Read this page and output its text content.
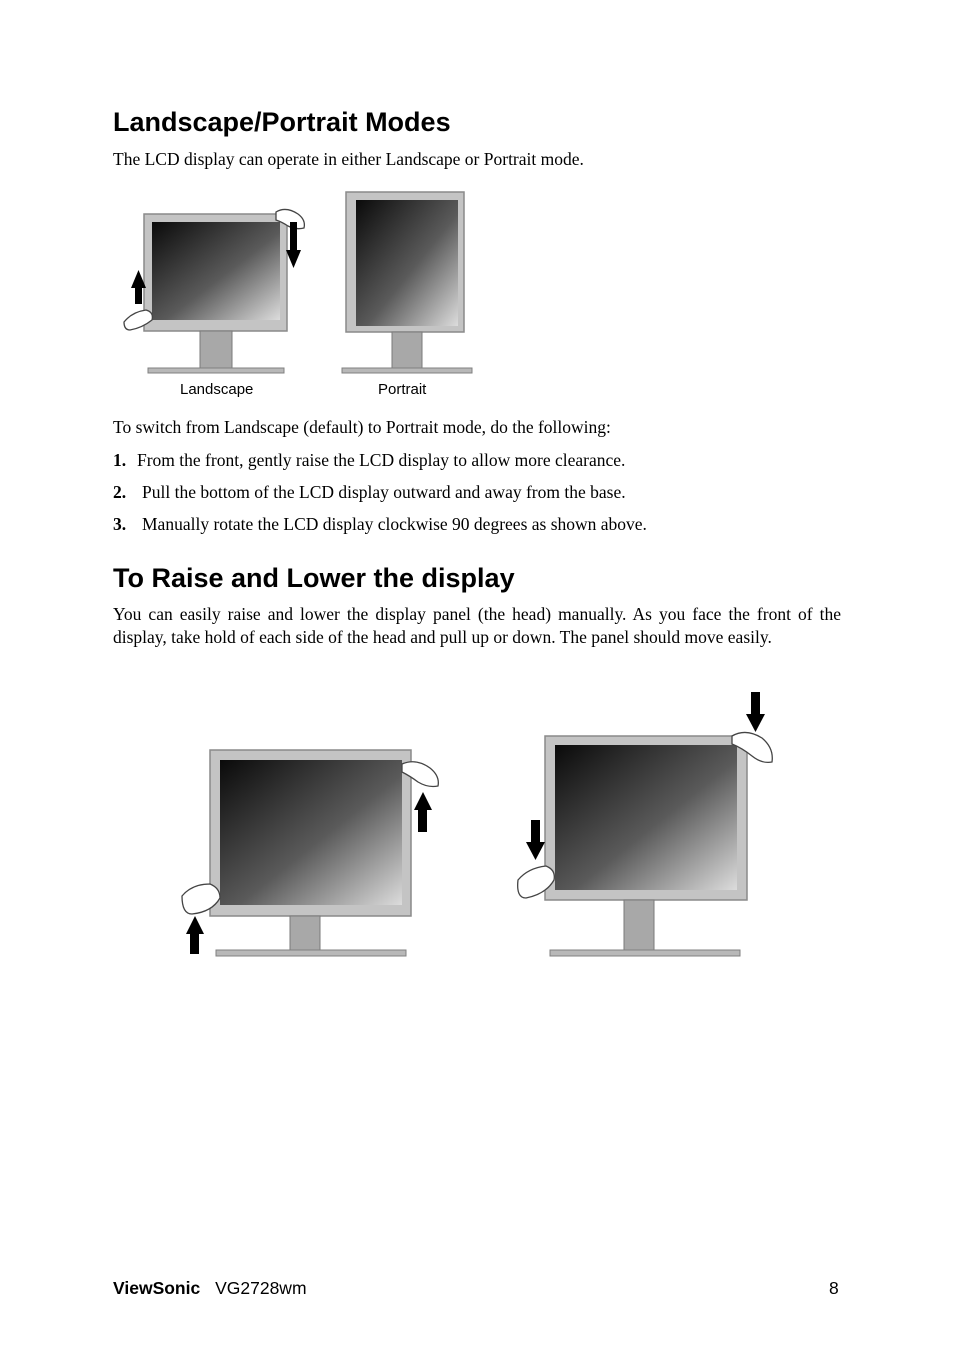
Landscape/Portrait Modes

The LCD display can operate in either Landscape or Portrait mode.

Landscape	Portrait

To switch from Landscape (default) to Portrait mode, do the following:

1. From the front, gently raise the LCD display to allow more clearance.
2. Pull the bottom of the LCD display outward and away from the base.
3. Manually rotate the LCD display clockwise 90 degrees as shown above.
To Raise and Lower the display

You can easily raise and lower the display panel (the head) manually. As you face the front of the display, take hold of each side of the head and pull up or down. The panel should move easily.

ViewSonic VG2728wm	8
